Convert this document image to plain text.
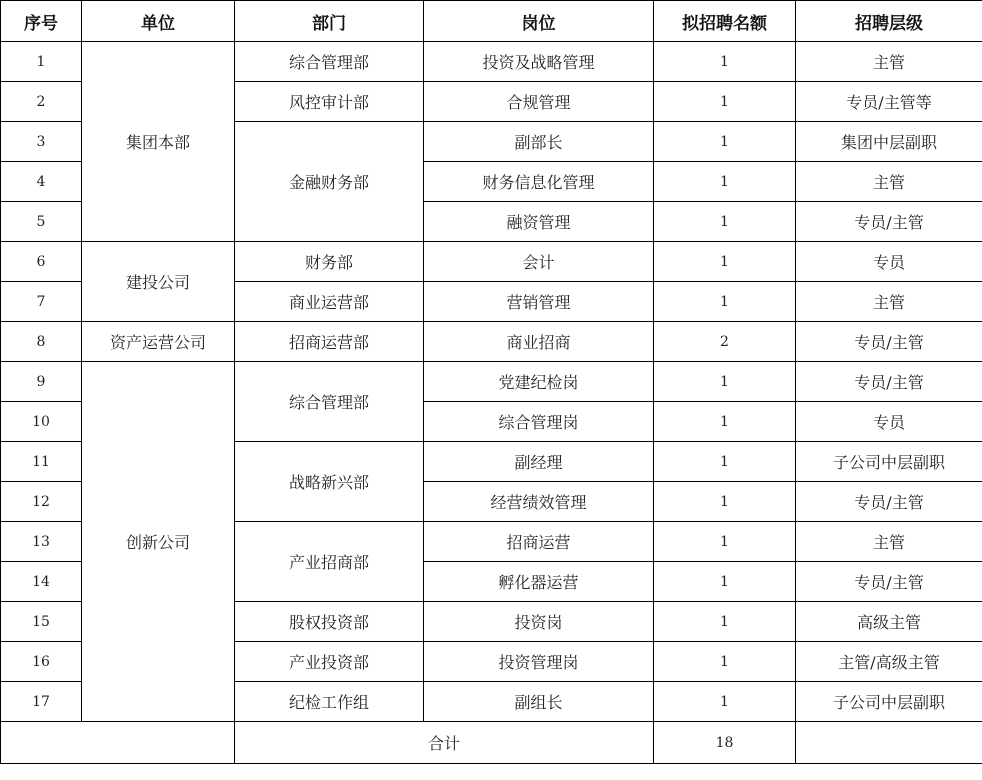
序号	单位	部门	岗位	拟招聘名额	招聘层级
1	集团本部	综合管理部	投资及战略管理	1	主管
2		风控审计部	合规管理	1	专员/主管等
3		金融财务部	副部长	1	集团中层副职
4			财务信息化管理	1	主管
5			融资管理	1	专员/主管
6	建投公司	财务部	会计	1	专员
7		商业运营部	营销管理	1	主管
8	资产运营公司	招商运营部	商业招商	2	专员/主管
9	创新公司	综合管理部	党建纪检岗	1	专员/主管
10			综合管理岗	1	专员
11		战略新兴部	副经理	1	子公司中层副职
12			经营绩效管理	1	专员/主管
13		产业招商部	招商运营	1	主管
14			孵化器运营	1	专员/主管
15		股权投资部	投资岗	1	高级主管
16		产业投资部	投资管理岗	1	主管/高级主管
17		纪检工作组	副组长	1	子公司中层副职
		合计		18	
